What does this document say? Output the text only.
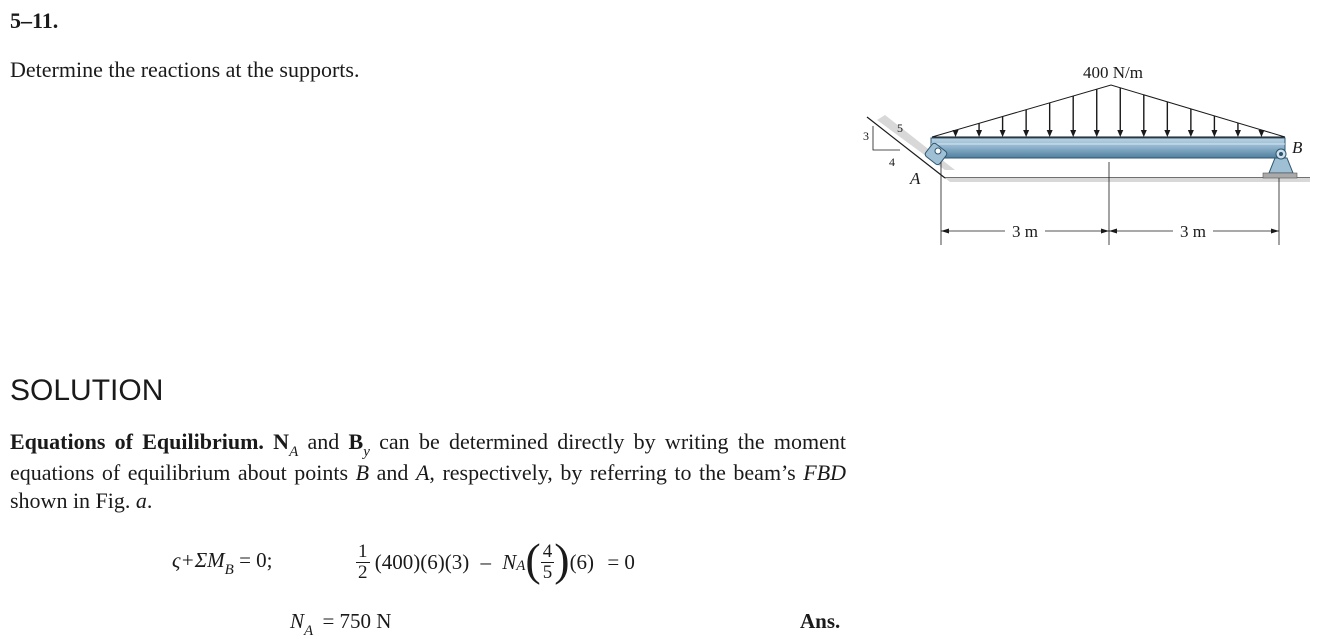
5–11.
Determine the reactions at the supports.	400 N/m
3
4
5
A
B
3 m	3 m
SOLUTION
Equations of Equilibrium. $N_A$ and $B_y$ can be determined directly by writing the moment equations of equilibrium about points B and A, respectively, by referring to the beam’s FBD shown in Fig. a.
$\varsigma+\Sigma M_B = 0$;	$\frac{1}{2} (400)(6)(3) - NA( \frac{4}{5} )(6) = 0$
$N_A = 750$ N	Ans.
